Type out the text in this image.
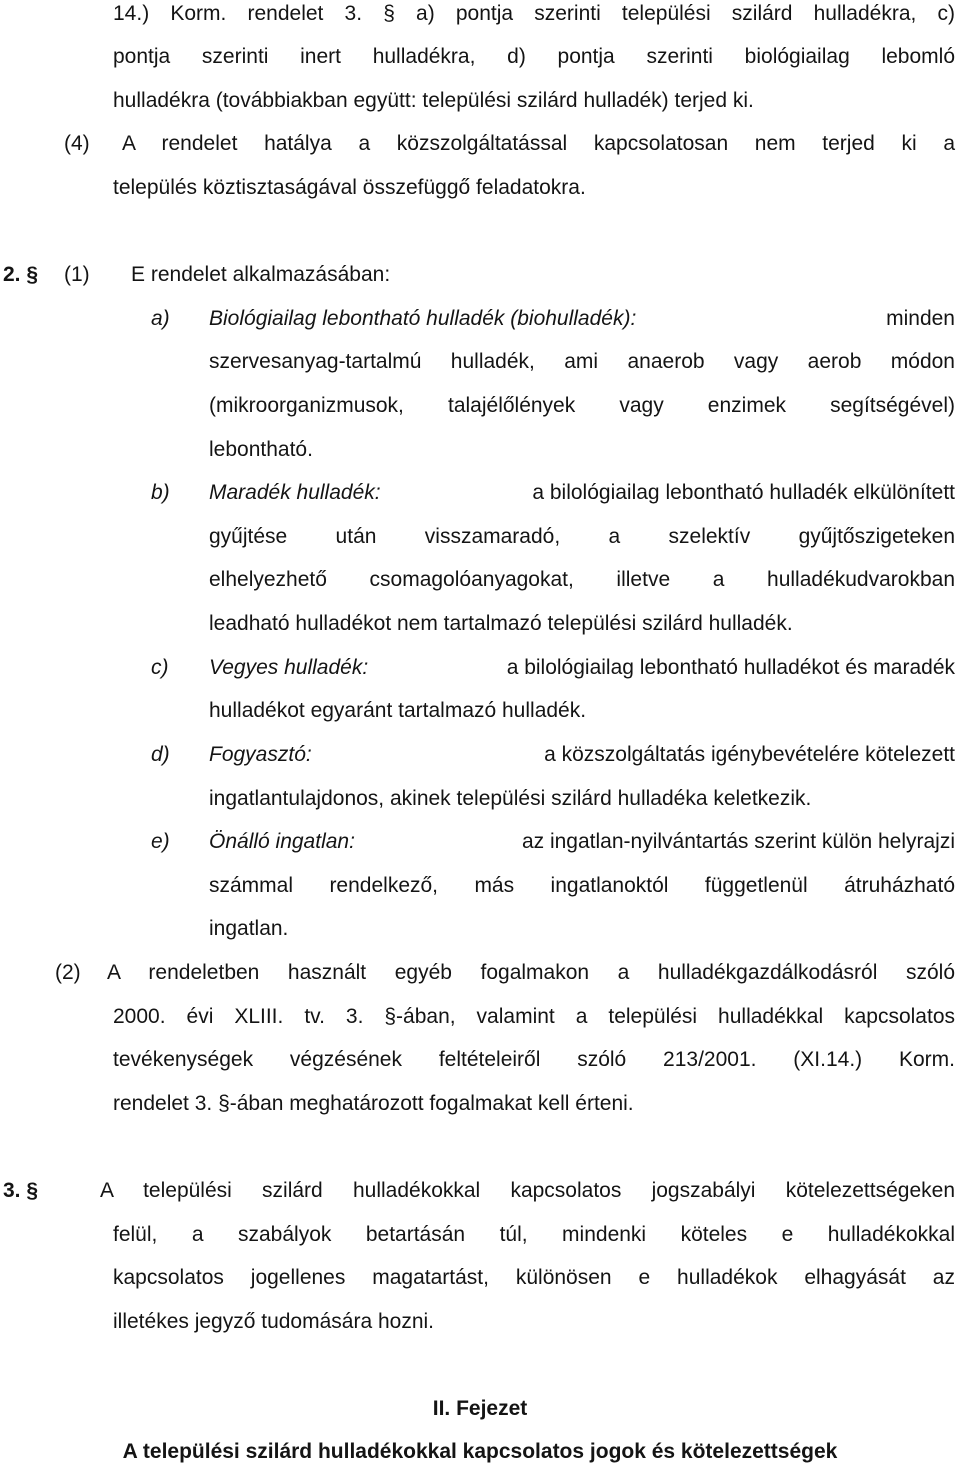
14.) Korm. rendelet 3. § a) pontja szerinti települési szilárd hulladékra, c)
pontja szerinti inert hulladékra, d) pontja szerinti biológiailag lebomló
hulladékra (továbbiakban együtt: települési szilárd hulladék) terjed ki.
(4) A rendelet hatálya a közszolgáltatással kapcsolatosan nem terjed ki a
település köztisztaságával összefüggő feladatokra.
2. § (1) E rendelet alkalmazásában:
a) Biológiailag lebontható hulladék (biohulladék):	minden
szervesanyag-tartalmú hulladék, ami anaerob vagy aerob módon
(mikroorganizmusok, talajélőlények vagy enzimek segítségével)
lebontható.
b) Maradék hulladék:	a bilológiailag lebontható hulladék elkülönített
gyűjtése után visszamaradó, a szelektív gyűjtőszigeteken
elhelyezhető csomagolóanyagokat, illetve a hulladékudvarokban
leadható hulladékot nem tartalmazó települési szilárd hulladék.
c) Vegyes hulladék:	a bilológiailag lebontható hulladékot és maradék
hulladékot egyaránt tartalmazó hulladék.
d) Fogyasztó:	a közszolgáltatás igénybevételére kötelezett
ingatlantulajdonos, akinek települési szilárd hulladéka keletkezik.
e) Önálló ingatlan:	az ingatlan-nyilvántartás szerint külön helyrajzi
számmal rendelkező, más ingatlanoktól függetlenül átruházható
ingatlan.
(2) A rendeletben használt egyéb fogalmakon a hulladékgazdálkodásról szóló
2000. évi XLIII. tv. 3. §-ában, valamint a települési hulladékkal kapcsolatos
tevékenységek végzésének feltételeiről szóló 213/2001. (XI.14.) Korm.
rendelet 3. §-ában meghatározott fogalmakat kell érteni.
3. §	A települési szilárd hulladékokkal kapcsolatos jogszabályi kötelezettségeken
felül, a szabályok betartásán túl, mindenki köteles e hulladékokkal
kapcsolatos jogellenes magatartást, különösen e hulladékok elhagyását az
illetékes jegyző tudomására hozni.
II. Fejezet
A települési szilárd hulladékokkal kapcsolatos jogok és kötelezettségek
